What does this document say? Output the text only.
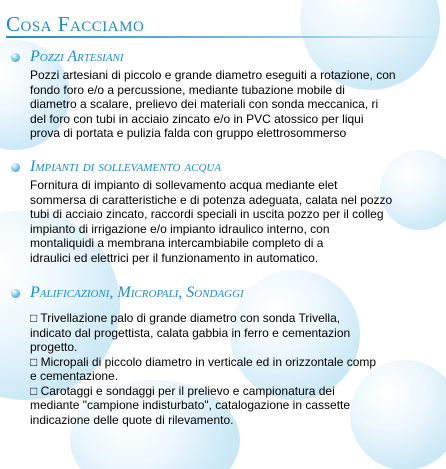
Cosa Facciamo
Pozzi Artesiani
Pozzi artesiani di piccolo e grande diametro eseguiti a rotazione, con
fondo foro e/o a percussione, mediante tubazione mobile di
diametro a scalare, prelievo dei materiali con sonda meccanica, ri
del foro con tubi in acciaio zincato e/o in PVC atossico per liqui
prova di portata e pulizia falda con gruppo elettrosommerso
Impianti di sollevamento acqua
Fornitura di impianto di sollevamento acqua mediante elet
sommersa di caratteristiche e di potenza adeguata, calata nel pozzo
tubi di acciaio zincato, raccordi speciali in uscita pozzo per il colleg
impianto di irrigazione e/o impianto idraulico interno, con
montaliquidi a membrana intercambiabile completo di a
idraulici ed elettrici per il funzionamento in automatico.
Palificazioni, Micropali, Sondaggi
□ Trivellazione palo di grande diametro con sonda Trivella,
indicato dal progettista, calata gabbia in ferro e cementazion
progetto.
□ Micropali di piccolo diametro in verticale ed in orizzontale comp
e cementazione.
□ Carotaggi e sondaggi per il prelievo e campionatura dei
mediante "campione indisturbato", catalogazione in cassette
indicazione delle quote di rilevamento.
